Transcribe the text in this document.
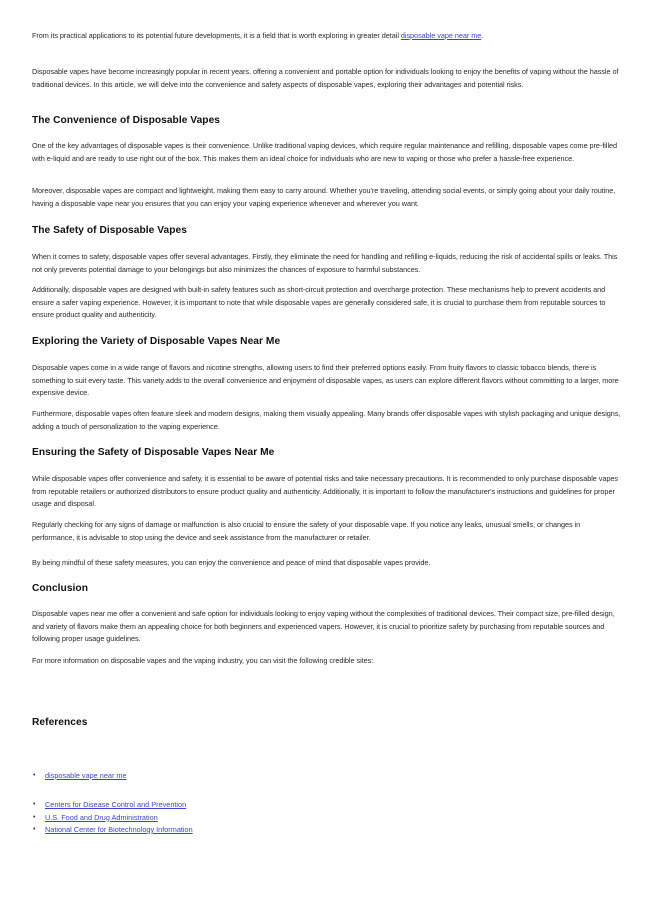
From its practical applications to its potential future developments, it is a field that is worth exploring in greater detail disposable vape near me.

Disposable vapes have become increasingly popular in recent years, offering a convenient and portable option for individuals looking to enjoy the benefits of vaping without the hassle of traditional devices. In this article, we will delve into the convenience and safety aspects of disposable vapes, exploring their advantages and potential risks.

The Convenience of Disposable Vapes

One of the key advantages of disposable vapes is their convenience. Unlike traditional vaping devices, which require regular maintenance and refilling, disposable vapes come pre-filled with e-liquid and are ready to use right out of the box. This makes them an ideal choice for individuals who are new to vaping or those who prefer a hassle-free experience.

Moreover, disposable vapes are compact and lightweight, making them easy to carry around. Whether you're traveling, attending social events, or simply going about your daily routine, having a disposable vape near you ensures that you can enjoy your vaping experience whenever and wherever you want.

The Safety of Disposable Vapes

When it comes to safety, disposable vapes offer several advantages. Firstly, they eliminate the need for handling and refilling e-liquids, reducing the risk of accidental spills or leaks. This not only prevents potential damage to your belongings but also minimizes the chances of exposure to harmful substances.

Additionally, disposable vapes are designed with built-in safety features such as short-circuit protection and overcharge protection. These mechanisms help to prevent accidents and ensure a safer vaping experience. However, it is important to note that while disposable vapes are generally considered safe, it is crucial to purchase them from reputable sources to ensure product quality and authenticity.

Exploring the Variety of Disposable Vapes Near Me

Disposable vapes come in a wide range of flavors and nicotine strengths, allowing users to find their preferred options easily. From fruity flavors to classic tobacco blends, there is something to suit every taste. This variety adds to the overall convenience and enjoyment of disposable vapes, as users can explore different flavors without committing to a larger, more expensive device.

Furthermore, disposable vapes often feature sleek and modern designs, making them visually appealing. Many brands offer disposable vapes with stylish packaging and unique designs, adding a touch of personalization to the vaping experience.

Ensuring the Safety of Disposable Vapes Near Me

While disposable vapes offer convenience and safety, it is essential to be aware of potential risks and take necessary precautions. It is recommended to only purchase disposable vapes from reputable retailers or authorized distributors to ensure product quality and authenticity. Additionally, it is important to follow the manufacturer's instructions and guidelines for proper usage and disposal.

Regularly checking for any signs of damage or malfunction is also crucial to ensure the safety of your disposable vape. If you notice any leaks, unusual smells, or changes in performance, it is advisable to stop using the device and seek assistance from the manufacturer or retailer.

By being mindful of these safety measures, you can enjoy the convenience and peace of mind that disposable vapes provide.

Conclusion

Disposable vapes near me offer a convenient and safe option for individuals looking to enjoy vaping without the complexities of traditional devices. Their compact size, pre-filled design, and variety of flavors make them an appealing choice for both beginners and experienced vapers. However, it is crucial to prioritize safety by purchasing from reputable sources and following proper usage guidelines.

For more information on disposable vapes and the vaping industry, you can visit the following credible sites:

References
• disposable vape near me
• Centers for Disease Control and Prevention
• U.S. Food and Drug Administration
• National Center for Biotechnology Information
